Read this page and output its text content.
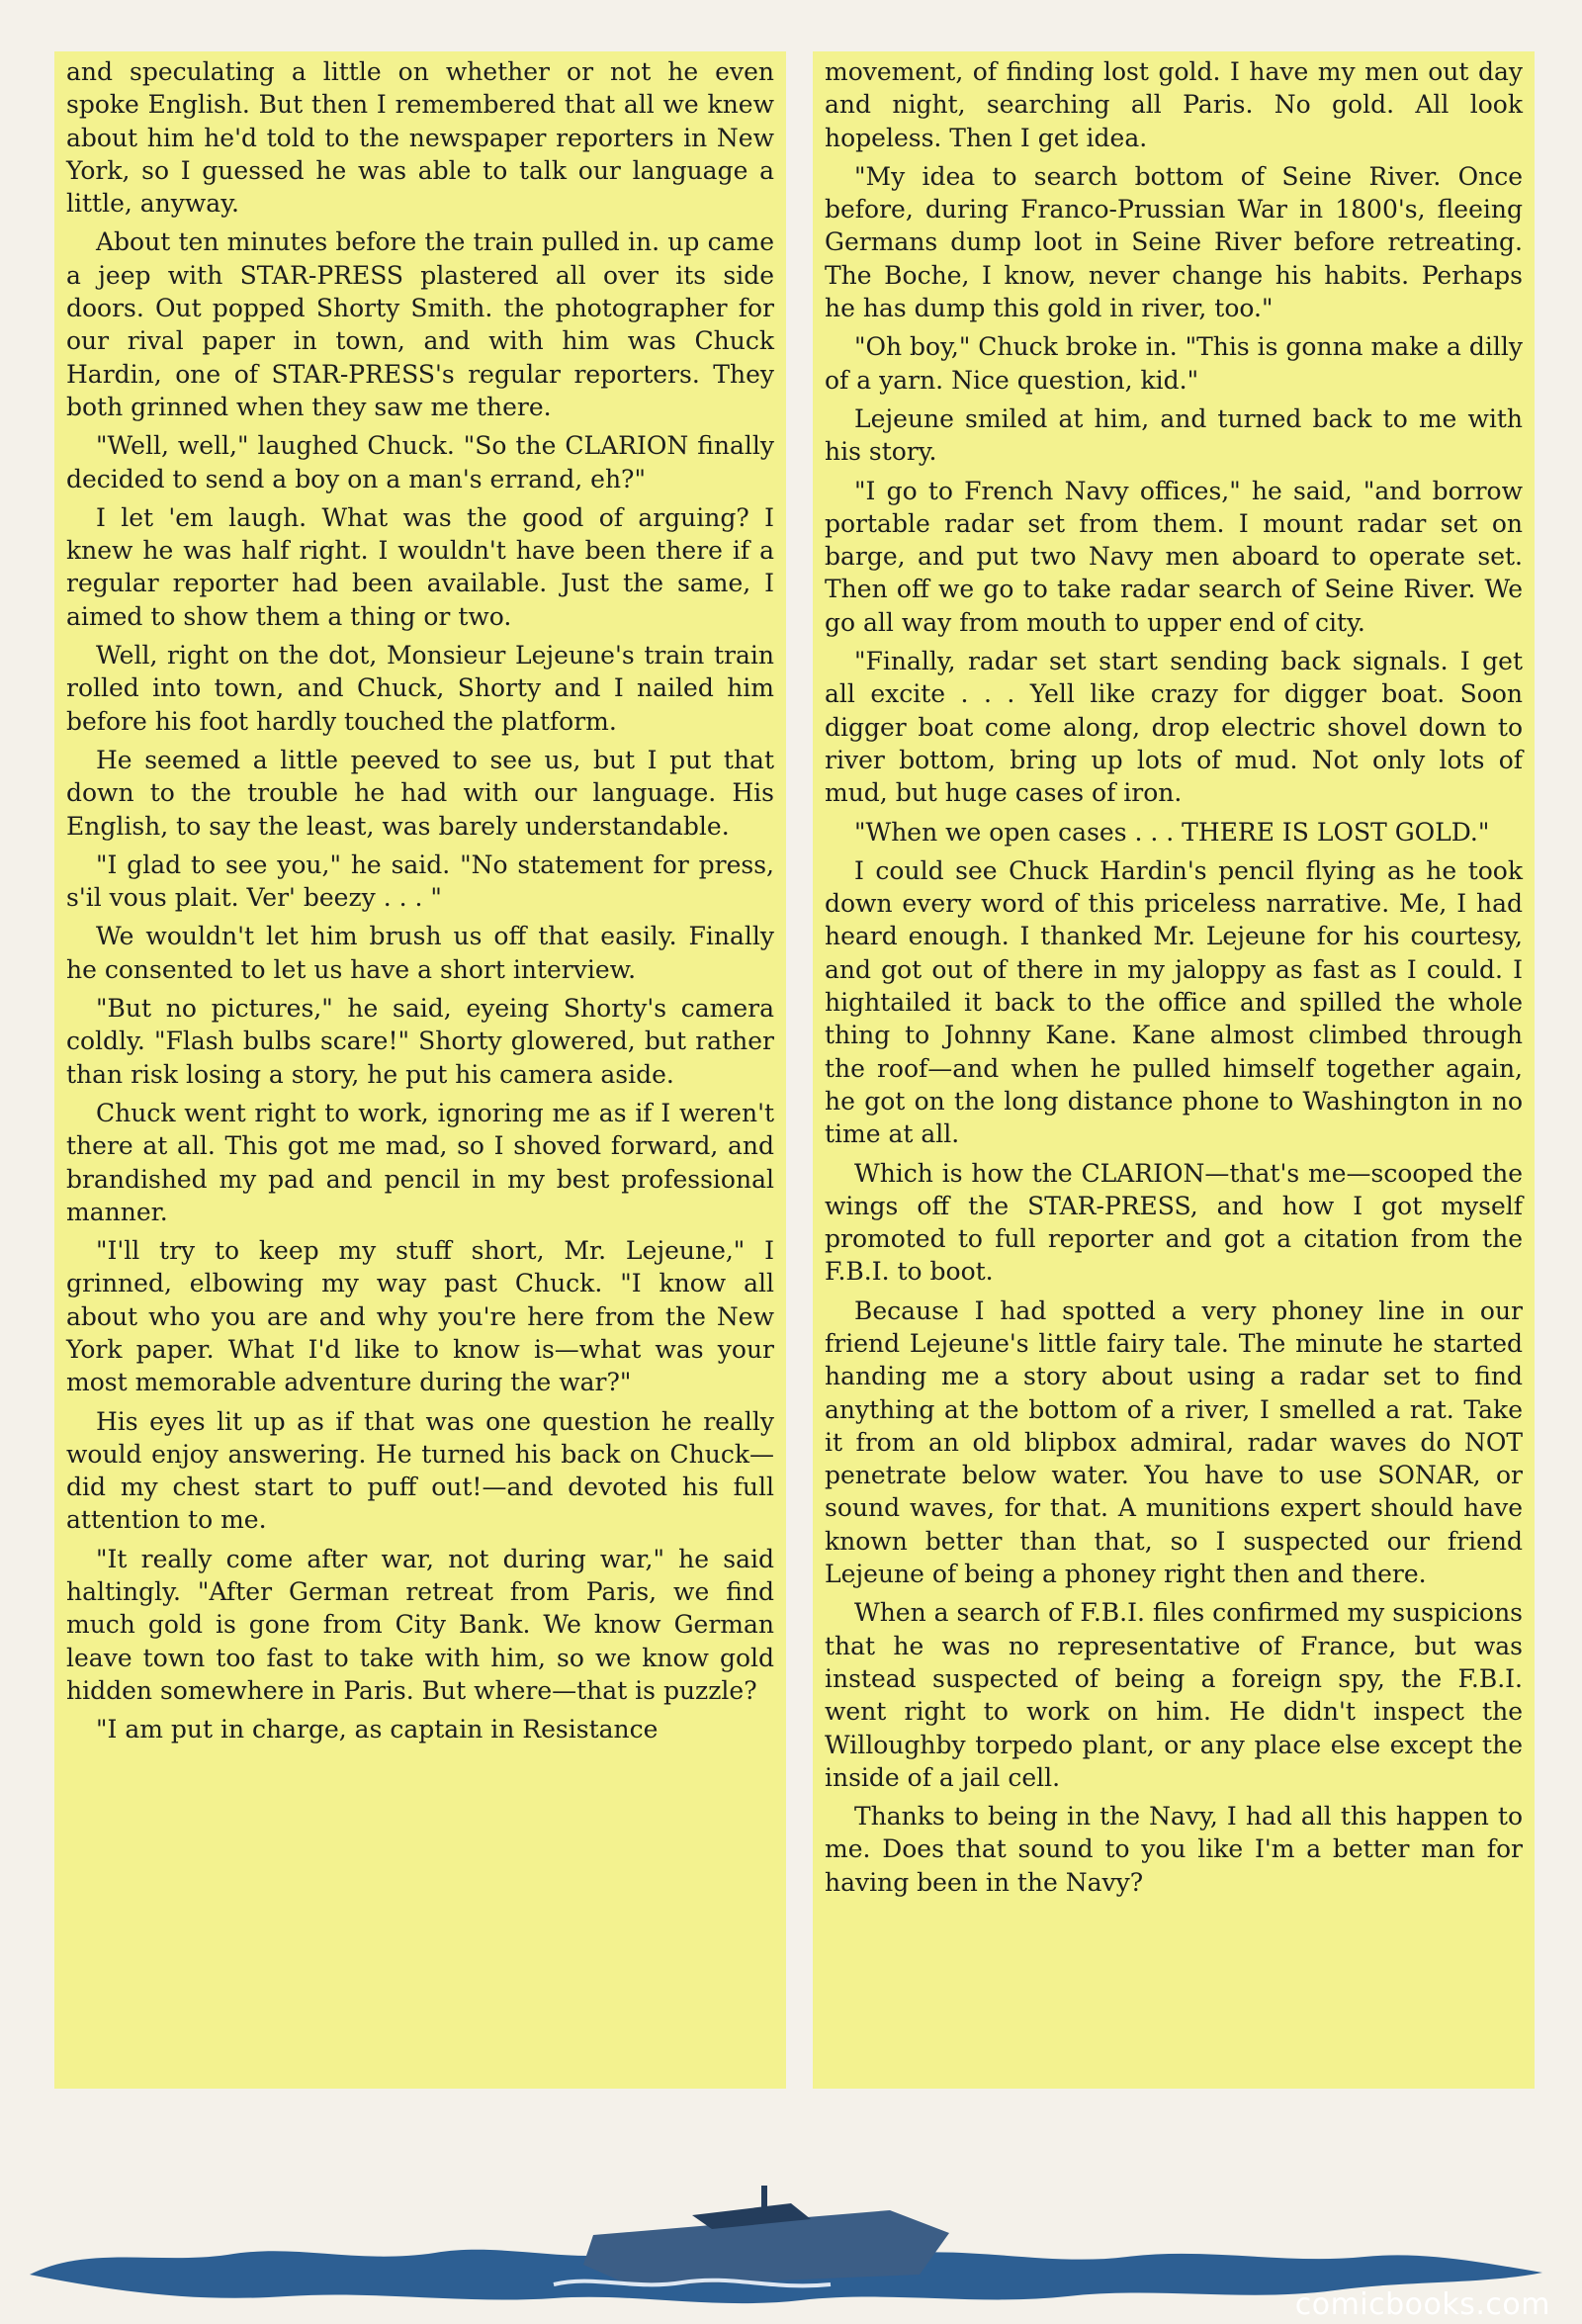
and speculating a little on whether or not he even spoke English. But then I remembered that all we knew about him he'd told to the newspaper reporters in New York, so I guessed he was able to talk our language a little, anyway.

About ten minutes before the train pulled in. up came a jeep with STAR-PRESS plastered all over its side doors. Out popped Shorty Smith. the photographer for our rival paper in town, and with him was Chuck Hardin, one of STAR-PRESS's regular reporters. They both grinned when they saw me there.

"Well, well," laughed Chuck. "So the CLARION finally decided to send a boy on a man's errand, eh?"

I let 'em laugh. What was the good of arguing? I knew he was half right. I wouldn't have been there if a regular reporter had been available. Just the same, I aimed to show them a thing or two.

Well, right on the dot, Monsieur Lejeune's train train rolled into town, and Chuck, Shorty and I nailed him before his foot hardly touched the platform.

He seemed a little peeved to see us, but I put that down to the trouble he had with our language. His English, to say the least, was barely understandable.

"I glad to see you," he said. "No statement for press, s'il vous plait. Ver' beezy . . . "

We wouldn't let him brush us off that easily. Finally he consented to let us have a short interview.

"But no pictures," he said, eyeing Shorty's camera coldly. "Flash bulbs scare!" Shorty glowered, but rather than risk losing a story, he put his camera aside.

Chuck went right to work, ignoring me as if I weren't there at all. This got me mad, so I shoved forward, and brandished my pad and pencil in my best professional manner.

"I'll try to keep my stuff short, Mr. Lejeune," I grinned, elbowing my way past Chuck. "I know all about who you are and why you're here from the New York paper. What I'd like to know is—what was your most memorable adventure during the war?"

His eyes lit up as if that was one question he really would enjoy answering. He turned his back on Chuck—did my chest start to puff out!—and devoted his full attention to me.

"It really come after war, not during war," he said haltingly. "After German retreat from Paris, we find much gold is gone from City Bank. We know German leave town too fast to take with him, so we know gold hidden somewhere in Paris. But where—that is puzzle?

"I am put in charge, as captain in Resistance

movement, of finding lost gold. I have my men out day and night, searching all Paris. No gold. All look hopeless. Then I get idea.

"My idea to search bottom of Seine River. Once before, during Franco-Prussian War in 1800's, fleeing Germans dump loot in Seine River before retreating. The Boche, I know, never change his habits. Perhaps he has dump this gold in river, too."

"Oh boy," Chuck broke in. "This is gonna make a dilly of a yarn. Nice question, kid."

Lejeune smiled at him, and turned back to me with his story.

"I go to French Navy offices," he said, "and borrow portable radar set from them. I mount radar set on barge, and put two Navy men aboard to operate set. Then off we go to take radar search of Seine River. We go all way from mouth to upper end of city.

"Finally, radar set start sending back signals. I get all excite . . . Yell like crazy for digger boat. Soon digger boat come along, drop electric shovel down to river bottom, bring up lots of mud. Not only lots of mud, but huge cases of iron.

"When we open cases . . . THERE IS LOST GOLD."

I could see Chuck Hardin's pencil flying as he took down every word of this priceless narrative. Me, I had heard enough. I thanked Mr. Lejeune for his courtesy, and got out of there in my jaloppy as fast as I could. I hightailed it back to the office and spilled the whole thing to Johnny Kane. Kane almost climbed through the roof—and when he pulled himself together again, he got on the long distance phone to Washington in no time at all.

Which is how the CLARION—that's me—scooped the wings off the STAR-PRESS, and how I got myself promoted to full reporter and got a citation from the F.B.I. to boot.

Because I had spotted a very phoney line in our friend Lejeune's little fairy tale. The minute he started handing me a story about using a radar set to find anything at the bottom of a river, I smelled a rat. Take it from an old blipbox admiral, radar waves do NOT penetrate below water. You have to use SONAR, or sound waves, for that. A munitions expert should have known better than that, so I suspected our friend Lejeune of being a phoney right then and there.

When a search of F.B.I. files confirmed my suspicions that he was no representative of France, but was instead suspected of being a foreign spy, the F.B.I. went right to work on him. He didn't inspect the Willoughby torpedo plant, or any place else except the inside of a jail cell.

Thanks to being in the Navy, I had all this happen to me. Does that sound to you like I'm a better man for having been in the Navy?

comicbooks.com
